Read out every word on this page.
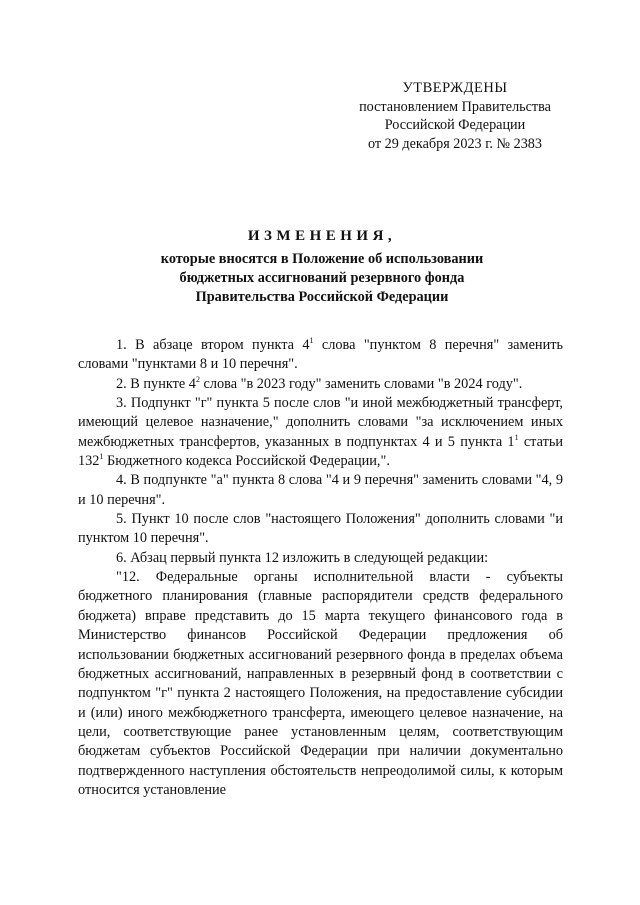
УТВЕРЖДЕНЫ
постановлением Правительства
Российской Федерации
от 29 декабря 2023 г. № 2383
ИЗМЕНЕНИЯ,
которые вносятся в Положение об использовании
бюджетных ассигнований резервного фонда
Правительства Российской Федерации

1. В абзаце втором пункта $4^1$ слова "пунктом 8 перечня" заменить словами "пунктами 8 и 10 перечня".

2. В пункте $4^2$ слова "в 2023 году" заменить словами "в 2024 году".

3. Подпункт "г" пункта 5 после слов "и иной межбюджетный трансферт, имеющий целевое назначение," дополнить словами "за исключением иных межбюджетных трансфертов, указанных в подпунктах 4 и 5 пункта $1^1$ статьи $132^1$ Бюджетного кодекса Российской Федерации,".

4. В подпункте "а" пункта 8 слова "4 и 9 перечня" заменить словами "4, 9 и 10 перечня".

5. Пункт 10 после слов "настоящего Положения" дополнить словами "и пунктом 10 перечня".

6. Абзац первый пункта 12 изложить в следующей редакции:

"12. Федеральные органы исполнительной власти - субъекты бюджетного планирования (главные распорядители средств федерального бюджета) вправе представить до 15 марта текущего финансового года в Министерство финансов Российской Федерации предложения об использовании бюджетных ассигнований резервного фонда в пределах объема бюджетных ассигнований, направленных в резервный фонд в соответствии с подпунктом "г" пункта 2 настоящего Положения, на предоставление субсидии и (или) иного межбюджетного трансферта, имеющего целевое назначение, на цели, соответствующие ранее установленным целям, соответствующим бюджетам субъектов Российской Федерации при наличии документально подтвержденного наступления обстоятельств непреодолимой силы, к которым относится установление
